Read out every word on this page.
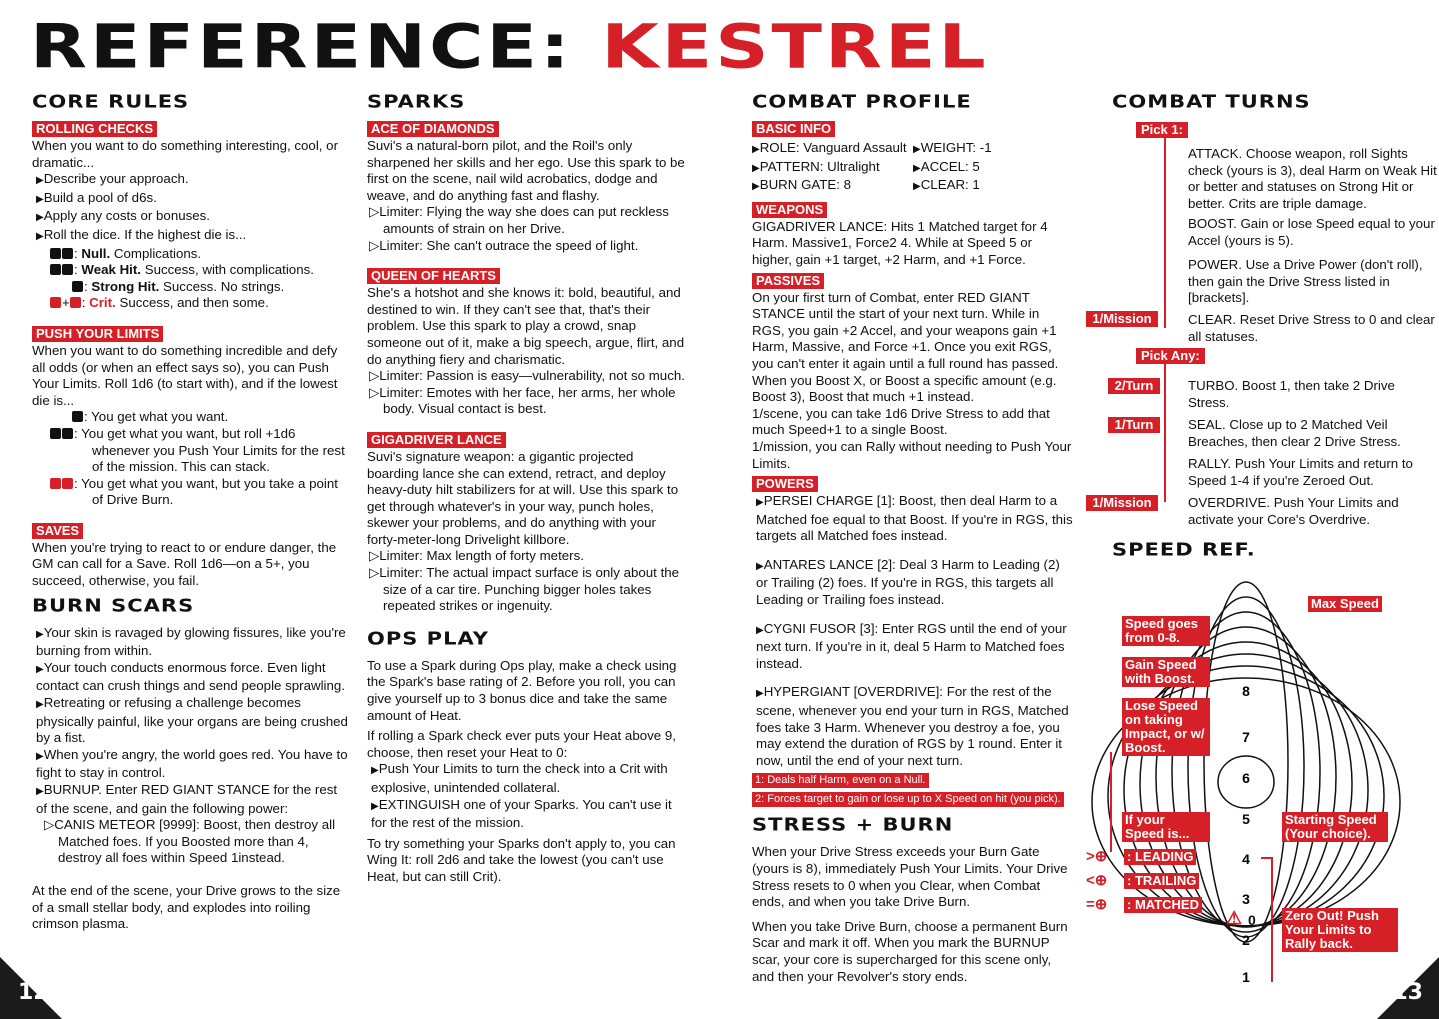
REFERENCE: KESTREL
CORE RULES
ROLLING CHECKS

When you want to do something interesting, cool, or dramatic...

▶ Describe your approach.

▶ Build a pool of d6s.

▶ Apply any costs or bonuses.

▶ Roll the dice. If the highest die is...

: Null. Complications.

: Weak Hit. Success, with complications.

: Strong Hit. Success. No strings.

+ : Crit. Success, and then some.

PUSH YOUR LIMITS

When you want to do something incredible and defy all odds (or when an effect says so), you can Push Your Limits. Roll 1d6 (to start with), and if the lowest die is...

: You get what you want.

: You get what you want, but roll +1d6 whenever you Push Your Limits for the rest of the mission. This can stack.

: You get what you want, but you take a point of Drive Burn.

SAVES

When you're trying to react to or endure danger, the GM can call for a Save. Roll 1d6—on a 5+, you succeed, otherwise, you fail.

BURN SCARS

▶ Your skin is ravaged by glowing fissures, like you're burning from within.

▶ Your touch conducts enormous force. Even light contact can crush things and send people sprawling.

▶ Retreating or refusing a challenge becomes physically painful, like your organs are being crushed by a fist.

▶ When you're angry, the world goes red. You have to fight to stay in control.

▶ BURNUP. Enter RED GIANT STANCE for the rest of the scene, and gain the following power:

▷ CANIS METEOR [9999]: Boost, then destroy all Matched foes. If you Boosted more than 4, destroy all foes within Speed 1instead.

At the end of the scene, your Drive grows to the size of a small stellar body, and explodes into roiling crimson plasma.

SPARKS
ACE OF DIAMONDS

Suvi's a natural-born pilot, and the Roil's only sharpened her skills and her ego. Use this spark to be first on the scene, nail wild acrobatics, dodge and weave, and do anything fast and flashy.

▷ Limiter: Flying the way she does can put reckless amounts of strain on her Drive.

▷ Limiter: She can't outrace the speed of light.

QUEEN OF HEARTS

She's a hotshot and she knows it: bold, beautiful, and destined to win. If they can't see that, that's their problem. Use this spark to play a crowd, snap someone out of it, make a big speech, argue, flirt, and do anything fiery and charismatic.

▷ Limiter: Passion is easy—vulnerability, not so much.

▷ Limiter: Emotes with her face, her arms, her whole body. Visual contact is best.

GIGADRIVER LANCE

Suvi's signature weapon: a gigantic projected boarding lance she can extend, retract, and deploy heavy-duty hilt stabilizers for at will. Use this spark to get through whatever's in your way, punch holes, skewer your problems, and do anything with your forty-meter-long Drivelight killbore.

▷ Limiter: Max length of forty meters.

▷ Limiter: The actual impact surface is only about the size of a car tire. Punching bigger holes takes repeated strikes or ingenuity.

OPS PLAY

To use a Spark during Ops play, make a check using the Spark's base rating of 2. Before you roll, you can give yourself up to 3 bonus dice and take the same amount of Heat.

If rolling a Spark check ever puts your Heat above 9, choose, then reset your Heat to 0:

▶ Push Your Limits to turn the check into a Crit with explosive, unintended collateral.

▶ EXTINGUISH one of your Sparks. You can't use it for the rest of the mission.

To try something your Sparks don't apply to, you can Wing It: roll 2d6 and take the lowest (you can't use Heat, but can still Crit).

COMBAT PROFILE
BASIC INFO
▶ ROLE: Vanguard Assault	▶ WEIGHT: -1
▶ PATTERN: Ultralight	▶ ACCEL: 5
▶ BURN GATE: 8	▶ CLEAR: 1
WEAPONS

GIGADRIVER LANCE: Hits 1 Matched target for 4 Harm. Massive1, Force2 4. While at Speed 5 or higher, gain +1 target, +2 Harm, and +1 Force.

PASSIVES

On your first turn of Combat, enter RED GIANT STANCE until the start of your next turn. While in RGS, you gain +2 Accel, and your weapons gain +1 Harm, Massive, and Force +1. Once you exit RGS, you can't enter it again until a full round has passed.

When you Boost X, or Boost a specific amount (e.g. Boost 3), Boost that much +1 instead.

1/scene, you can take 1d6 Drive Stress to add that much Speed+1 to a single Boost.

1/mission, you can Rally without needing to Push Your Limits.

POWERS

▶ PERSEI CHARGE [1]: Boost, then deal Harm to a Matched foe equal to that Boost. If you're in RGS, this targets all Matched foes instead.

▶ ANTARES LANCE [2]: Deal 3 Harm to Leading (2) or Trailing (2) foes. If you're in RGS, this targets all Leading or Trailing foes instead.

▶ CYGNI FUSOR [3]: Enter RGS until the end of your next turn. If you're in it, deal 5 Harm to Matched foes instead.

▶ HYPERGIANT [OVERDRIVE]: For the rest of the scene, whenever you end your turn in RGS, Matched foes take 3 Harm. Whenever you destroy a foe, you may extend the duration of RGS by 1 round. Enter it now, until the end of your next turn.

1: Deals half Harm, even on a Null.
2: Forces target to gain or lose up to X Speed on hit (you pick).
STRESS + BURN

When your Drive Stress exceeds your Burn Gate (yours is 8), immediately Push Your Limits. Your Drive Stress resets to 0 when you Clear, when Combat ends, and when you take Drive Burn.

When you take Drive Burn, choose a permanent Burn Scar and mark it off. When you mark the BURNUP scar, your core is supercharged for this scene only, and then your Revolver's story ends.

COMBAT TURNS
Pick 1:

ATTACK. Choose weapon, roll Sights check (yours is 3), deal Harm on Weak Hit or better and statuses on Strong Hit or better. Crits are triple damage.

BOOST. Gain or lose Speed equal to your Accel (yours is 5).

POWER. Use a Drive Power (don't roll), then gain the Drive Stress listed in [brackets].

1/Mission	CLEAR. Reset Drive Stress to 0 and clear all statuses.

Pick Any:
2/Turn	TURBO. Boost 1, then take 2 Drive Stress.

1/Turn	SEAL. Close up to 2 Matched Veil Breaches, then clear 2 Drive Stress.

RALLY. Push Your Limits and return to Speed 1-4 if you're Zeroed Out.

1/Mission	OVERDRIVE. Push Your Limits and activate your Core's Overdrive.

SPEED REF.
8
7
6
5
4
3
2
1
Max Speed
Speed goes from 0-8.
Gain Speed with Boost.
Lose Speed on taking Impact, or w/ Boost.
Starting Speed (Your choice).
If your Speed is...
>⊕ : LEADING
<⊕ : TRAILING
=⊕ : MATCHED
⚠ 0 Zero Out! Push Your Limits to Rally back.
12	13
